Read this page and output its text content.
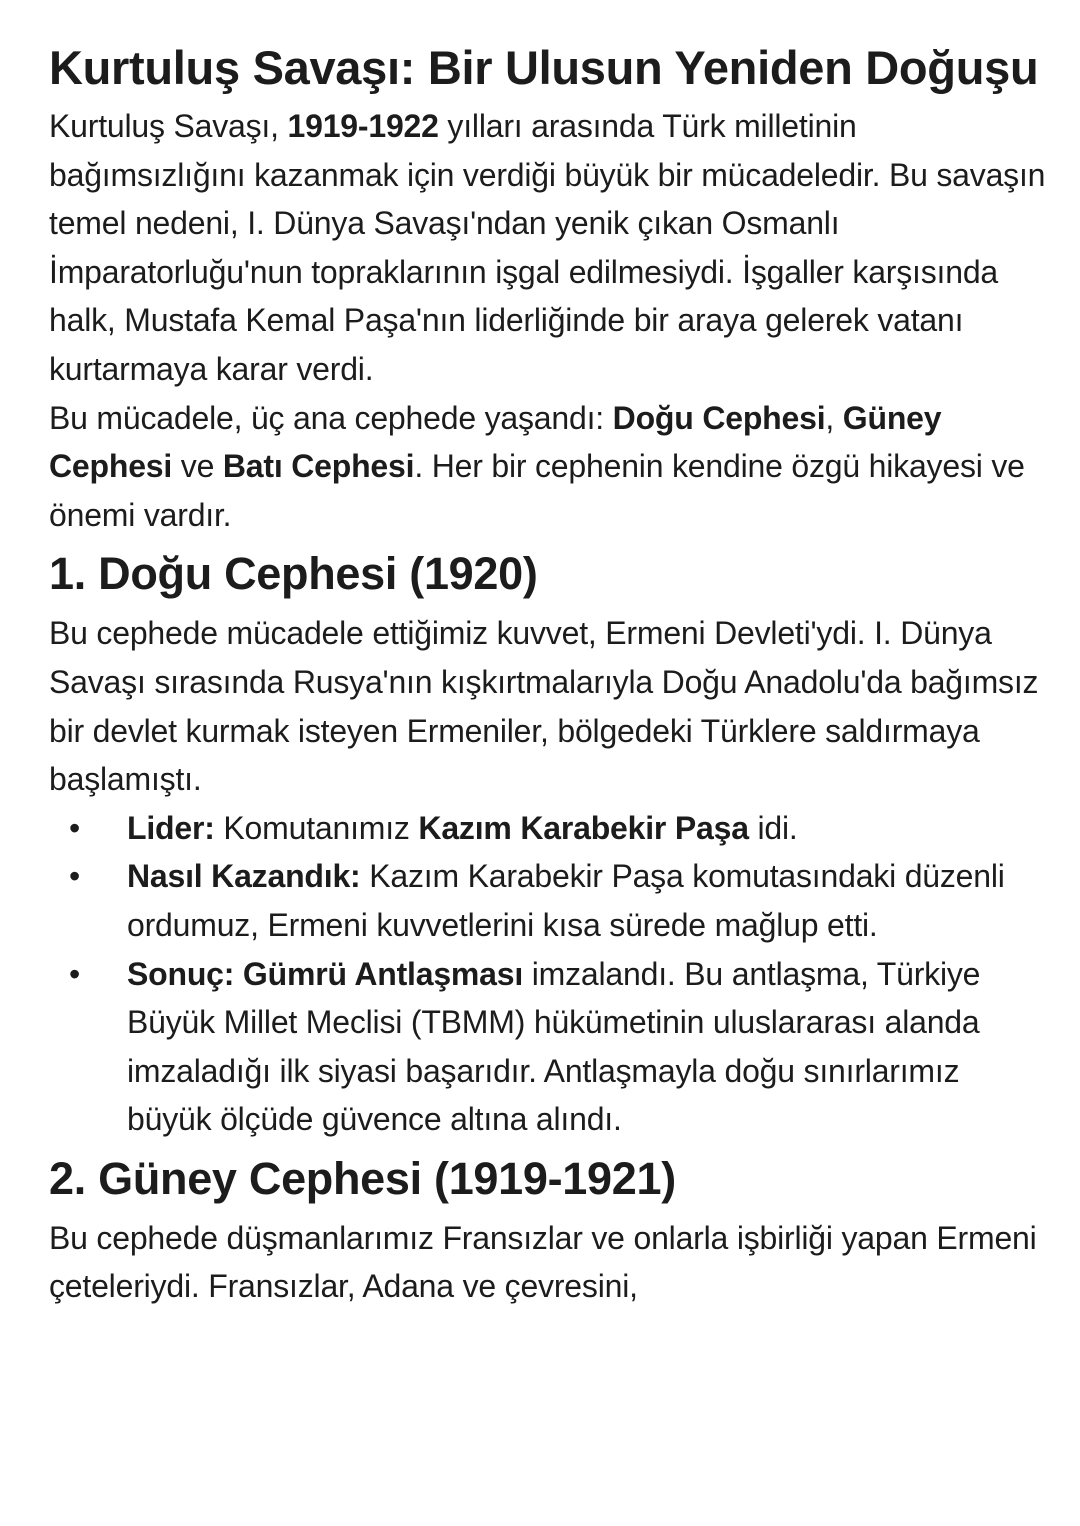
Kurtuluş Savaşı: Bir Ulusun Yeniden Doğuşu

Kurtuluş Savaşı, 1919-1922 yılları arasında Türk milletinin bağımsızlığını kazanmak için verdiği büyük bir mücadeledir. Bu savaşın temel nedeni, I. Dünya Savaşı'ndan yenik çıkan Osmanlı İmparatorluğu'nun topraklarının işgal edilmesiydi. İşgaller karşısında halk, Mustafa Kemal Paşa'nın liderliğinde bir araya gelerek vatanı kurtarmaya karar verdi.

Bu mücadele, üç ana cephede yaşandı: Doğu Cephesi, Güney Cephesi ve Batı Cephesi. Her bir cephenin kendine özgü hikayesi ve önemi vardır.

1. Doğu Cephesi (1920)

Bu cephede mücadele ettiğimiz kuvvet, Ermeni Devleti'ydi. I. Dünya Savaşı sırasında Rusya'nın kışkırtmalarıyla Doğu Anadolu'da bağımsız bir devlet kurmak isteyen Ermeniler, bölgedeki Türklere saldırmaya başlamıştı.

• Lider: Komutanımız Kazım Karabekir Paşa idi.
• Nasıl Kazandık: Kazım Karabekir Paşa komutasındaki düzenli ordumuz, Ermeni kuvvetlerini kısa sürede mağlup etti.
• Sonuç: Gümrü Antlaşması imzalandı. Bu antlaşma, Türkiye Büyük Millet Meclisi (TBMM) hükümetinin uluslararası alanda imzaladığı ilk siyasi başarıdır. Antlaşmayla doğu sınırlarımız büyük ölçüde güvence altına alındı.
2. Güney Cephesi (1919-1921)

Bu cephede düşmanlarımız Fransızlar ve onlarla işbirliği yapan Ermeni çeteleriydi. Fransızlar, Adana ve çevresini,
